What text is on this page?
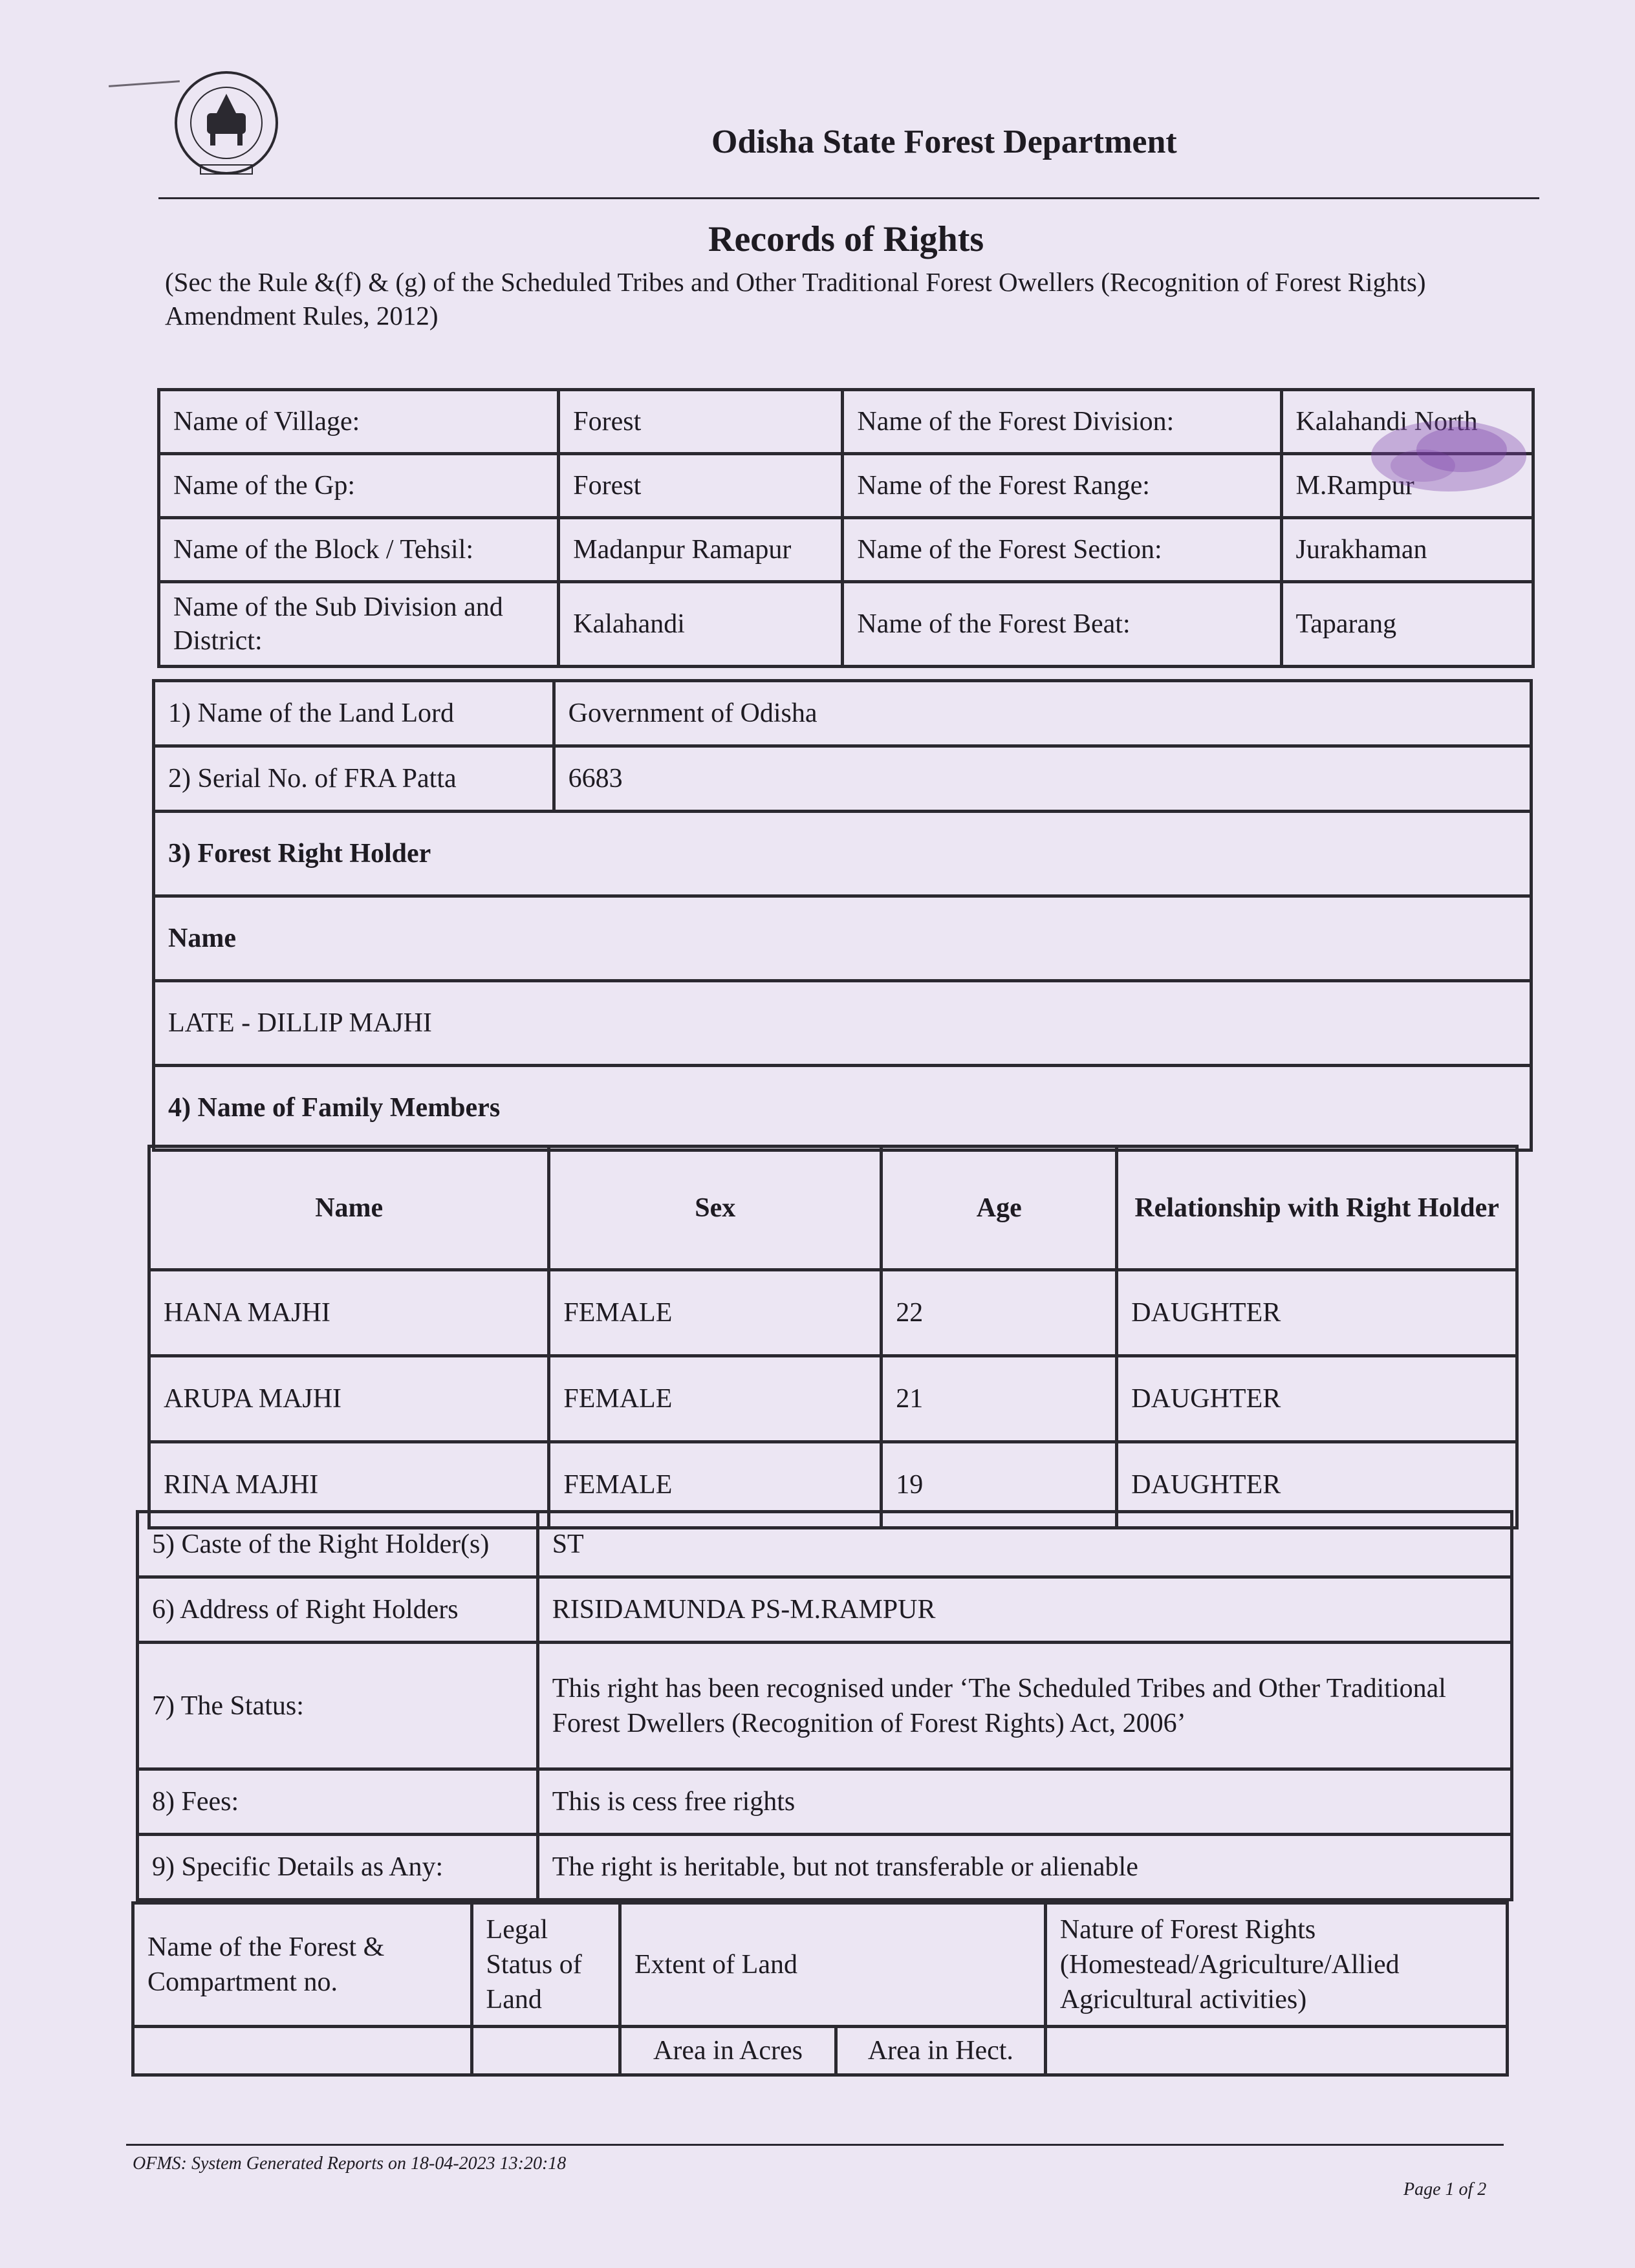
Odisha State Forest Department
Records of Rights
(Sec the Rule &(f) & (g) of the Scheduled Tribes and Other Traditional Forest Owellers (Recognition of Forest Rights) Amendment Rules, 2012)
Name of Village:	Forest	Name of the Forest Division:	Kalahandi North
Name of the Gp:	Forest	Name of the Forest Range:	M.Rampur
Name of the Block / Tehsil:	Madanpur Ramapur	Name of the Forest Section:	Jurakhaman
Name of the Sub Division and District:	Kalahandi	Name of the Forest Beat:	Taparang
1) Name of the Land Lord	Government of Odisha
2) Serial No. of FRA Patta	6683
3) Forest Right Holder	
Name	
LATE - DILLIP MAJHI	
4) Name of Family Members	
Name	Sex	Age	Relationship with Right Holder
HANA MAJHI	FEMALE	22	DAUGHTER
ARUPA MAJHI	FEMALE	21	DAUGHTER
RINA MAJHI	FEMALE	19	DAUGHTER
5) Caste of the Right Holder(s)	ST
6) Address of Right Holders	RISIDAMUNDA PS-M.RAMPUR
7) The Status:	This right has been recognised under ‘The Scheduled Tribes and Other Traditional
Forest Dwellers (Recognition of Forest Rights) Act, 2006’

8) Fees:	This is cess free rights
9) Specific Details as Any:	The right is heritable, but not transferable or alienable
Name of the Forest & Compartment no.	Legal Status of Land	Extent of Land		Nature of Forest Rights (Homestead/Agriculture/Allied Agricultural activities)
		Area in Acres	Area in Hect.	
OFMS: System Generated Reports on 18-04-2023 13:20:18
Page 1 of 2
